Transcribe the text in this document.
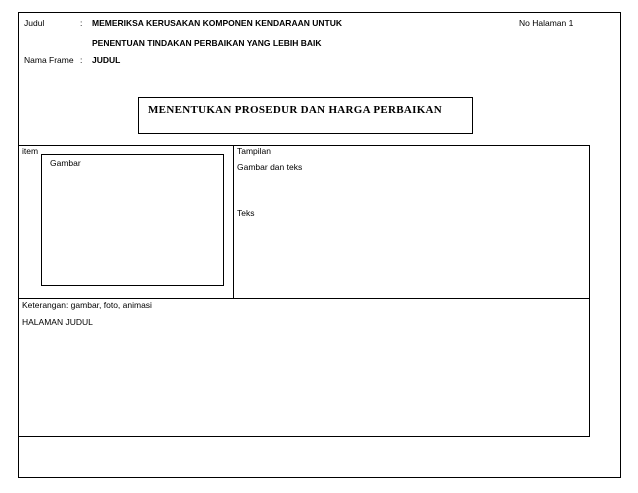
Judul	: MEMERIKSA KERUSAKAN KOMPONEN KENDARAAN UNTUK
PENENTUAN TINDAKAN PERBAIKAN YANG LEBIH BAIK
No Halaman 1
Nama Frame : JUDUL
MENENTUKAN PROSEDUR DAN HARGA PERBAIKAN
item
Gambar
Tampilan
Gambar dan teks
Teks
Keterangan: gambar, foto, animasi
HALAMAN JUDUL
